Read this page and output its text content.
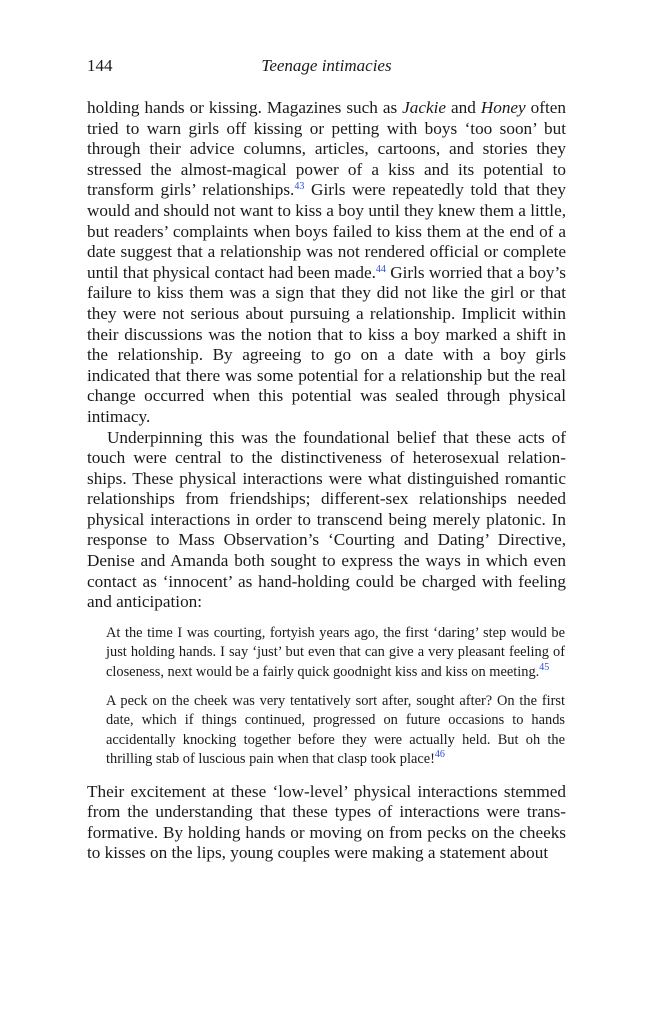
144	Teenage intimacies

holding hands or kissing. Magazines such as Jackie and Honey often tried to warn girls off kissing or petting with boys ‘too soon’ but through their advice columns, articles, cartoons, and stories they stressed the almost-magical power of a kiss and its potential to transform girls’ relationships.$^{43}$ Girls were repeatedly told that they would and should not want to kiss a boy until they knew them a little, but readers’ complaints when boys failed to kiss them at the end of a date suggest that a relationship was not rendered official or complete until that physical contact had been made.$^{44}$ Girls worried that a boy’s failure to kiss them was a sign that they did not like the girl or that they were not serious about pursuing a relationship. Implicit within their discussions was the notion that to kiss a boy marked a shift in the relationship. By agreeing to go on a date with a boy girls indicated that there was some potential for a relationship but the real change occurred when this potential was sealed through physical intimacy.

Underpinning this was the foundational belief that these acts of touch were central to the distinctiveness of heterosexual relationships. These physical interactions were what distinguished romantic relationships from friendships; different-sex relationships needed physical interactions in order to transcend being merely platonic. In response to Mass Observation’s ‘Courting and Dating’ Directive, Denise and Amanda both sought to express the ways in which even contact as ‘innocent’ as hand-holding could be charged with feeling and anticipation:

At the time I was courting, fortyish years ago, the first ‘daring’ step would be just holding hands. I say ‘just’ but even that can give a very pleasant feeling of closeness, next would be a fairly quick goodnight kiss and kiss on meeting.$^{45}$

A peck on the cheek was very tentatively sort after, sought after? On the first date, which if things continued, progressed on future occasions to hands accidentally knocking together before they were actually held. But oh the thrilling stab of luscious pain when that clasp took place!$^{46}$

Their excitement at these ‘low-level’ physical interactions stemmed from the understanding that these types of interactions were transformative. By holding hands or moving on from pecks on the cheeks to kisses on the lips, young couples were making a statement about
